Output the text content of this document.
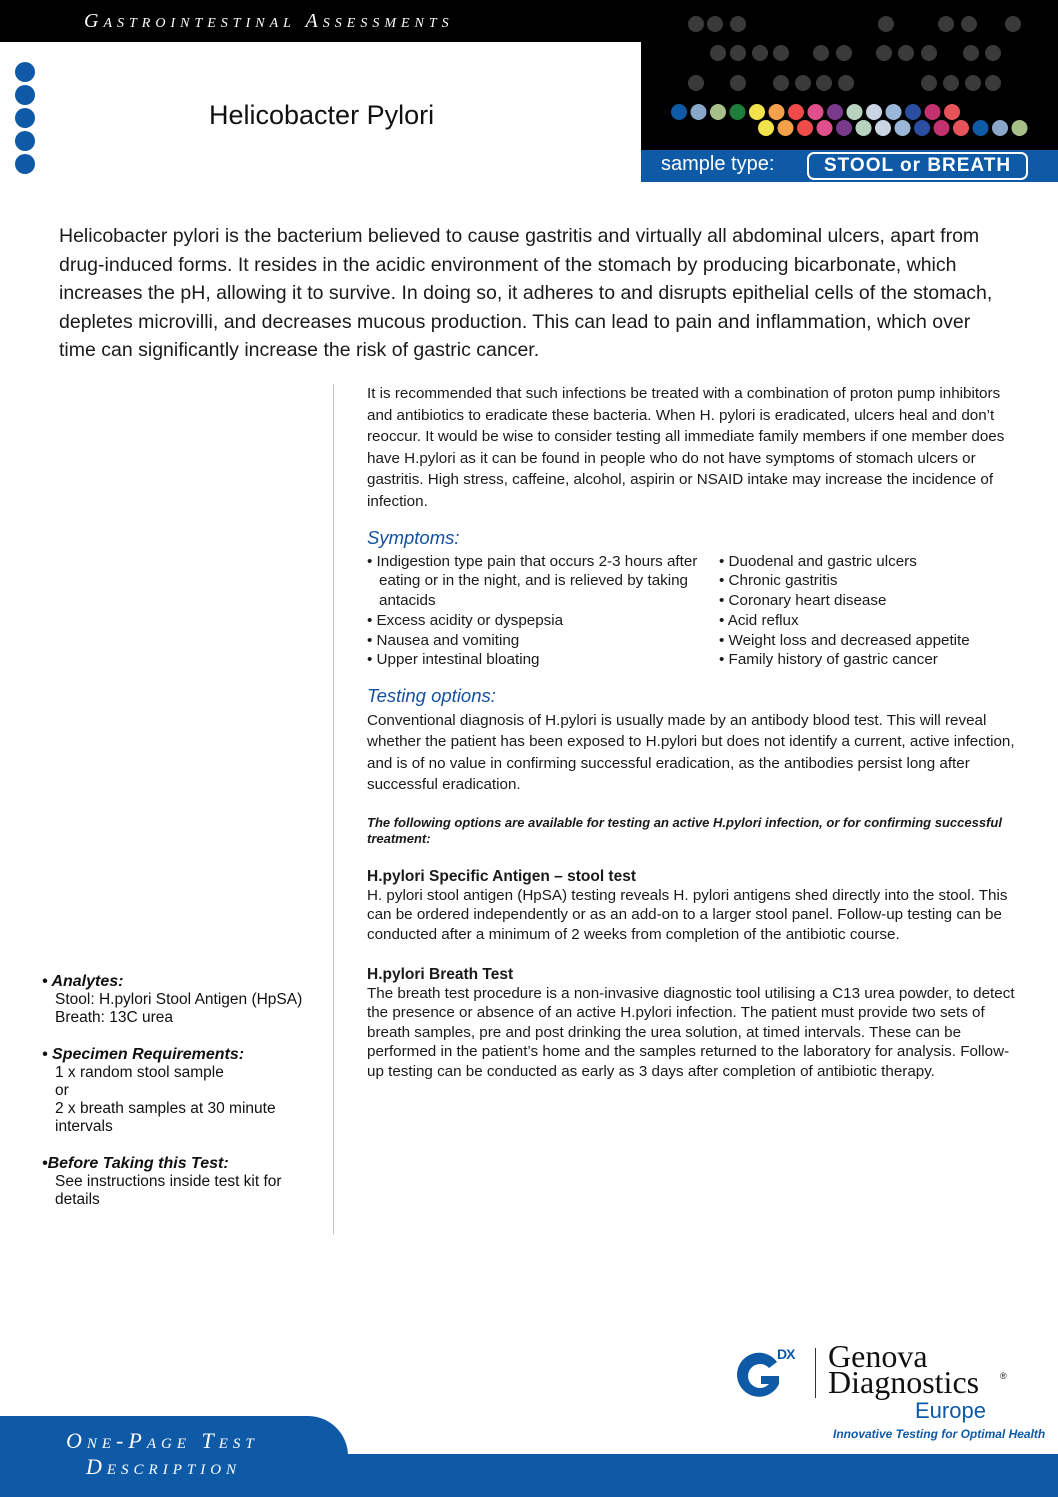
Gastrointestinal Assessments
sample type:	STOOL or BREATH
Helicobacter Pylori
Helicobacter pylori is the bacterium believed to cause gastritis and virtually all abdominal ulcers, apart from drug-induced forms. It resides in the acidic environment of the stomach by producing bicarbonate, which increases the pH, allowing it to survive. In doing so, it adheres to and disrupts epithelial cells of the stomach, depletes microvilli, and decreases mucous production. This can lead to pain and inflammation, which over time can significantly increase the risk of gastric cancer.

It is recommended that such infections be treated with a combination of proton pump inhibitors and antibiotics to eradicate these bacteria. When H. pylori is eradicated, ulcers heal and don’t reoccur. It would be wise to consider testing all immediate family members if one member does have H.pylori as it can be found in people who do not have symptoms of stomach ulcers or gastritis. High stress, caffeine, alcohol, aspirin or NSAID intake may increase the incidence of infection.

Symptoms:
• Indigestion type pain that occurs 2-3 hours after eating or in the night, and is relieved by taking antacids
• Excess acidity or dyspepsia
• Nausea and vomiting
• Upper intestinal bloating
• Duodenal and gastric ulcers
• Chronic gastritis
• Coronary heart disease
• Acid reflux
• Weight loss and decreased appetite
• Family history of gastric cancer
Testing options:

Conventional diagnosis of H.pylori is usually made by an antibody blood test. This will reveal whether the patient has been exposed to H.pylori but does not identify a current, active infection, and is of no value in confirming successful eradication, as the antibodies persist long after successful eradication.

The following options are available for testing an active H.pylori infection, or for confirming successful treatment:

H.pylori Specific Antigen – stool test

H. pylori stool antigen (HpSA) testing reveals H. pylori antigens shed directly into the stool. This can be ordered independently or as an add-on to a larger stool panel. Follow-up testing can be conducted after a minimum of 2 weeks from completion of the antibiotic course.

H.pylori Breath Test

The breath test procedure is a non-invasive diagnostic tool utilising a C13 urea powder, to detect the presence or absence of an active H.pylori infection. The patient must provide two sets of breath samples, pre and post drinking the urea solution, at timed intervals. These can be performed in the patient’s home and the samples returned to the laboratory for analysis. Follow-up testing can be conducted as early as 3 days after completion of antibiotic therapy.

• Analytes:
Stool: H.pylori Stool Antigen (HpSA)
Breath: 13C urea
• Specimen Requirements:
1 x random stool sample
or
2 x breath samples at 30 minute intervals
•Before Taking this Test:
See instructions inside test kit for details
DX Genova
Diagnostics ®
Europe
Innovative Testing for Optimal Health
One-Page Test
Description
